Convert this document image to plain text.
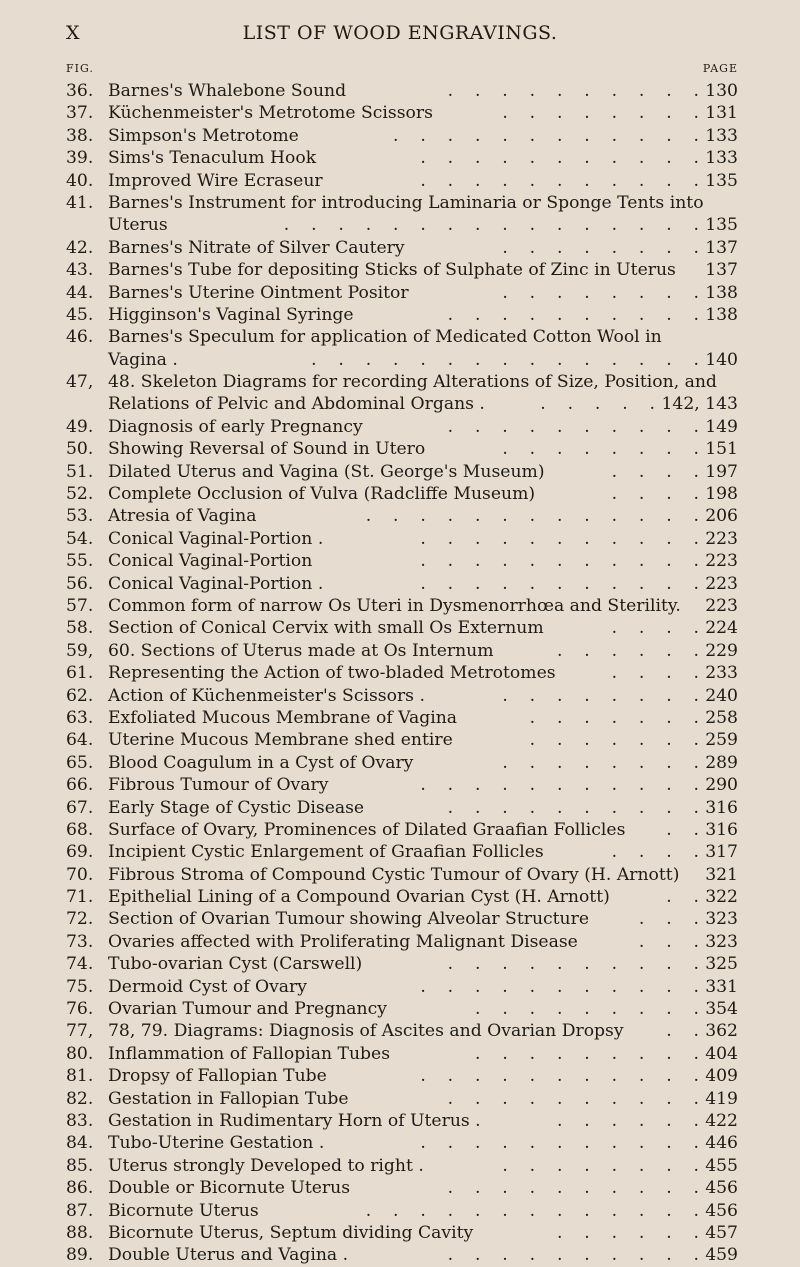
X	LIST OF WOOD ENGRAVINGS.
FIG.	PAGE
36. Barnes's Whalebone Sound	130
.    .    .    .    .    .    .    .    .    .
37. Küchenmeister's Metrotome Scissors	131
.    .    .    .    .    .    .    .
38. Simpson's Metrotome	133
.    .    .    .    .    .    .    .    .    .    .    .
39. Sims's Tenaculum Hook	133
.    .    .    .    .    .    .    .    .    .    .
40. Improved Wire Ecraseur	135
.    .    .    .    .    .    .    .    .    .    .
41. Barnes's Instrument for introducing Laminaria or Sponge Tents into
Uterus	135
.    .    .    .    .    .    .    .    .    .    .    .    .    .    .    .
42. Barnes's Nitrate of Silver Cautery	137
.    .    .    .    .    .    .    .
43. Barnes's Tube for depositing Sticks of Sulphate of Zinc in Uterus 137
44. Barnes's Uterine Ointment Positor	138
.    .    .    .    .    .    .    .
45. Higginson's Vaginal Syringe	138
.    .    .    .    .    .    .    .    .    .
46. Barnes's Speculum for application of Medicated Cotton Wool in
Vagina .	140
.    .    .    .    .    .    .    .    .    .    .    .    .    .    .
47, 48. Skeleton Diagrams for recording Alterations of Size, Position, and
Relations of Pelvic and Abdominal Organs .	142, 143
.    .    .    .    .
49. Diagnosis of early Pregnancy	149
.    .    .    .    .    .    .    .    .    .
50. Showing Reversal of Sound in Utero	151
.    .    .    .    .    .    .    .
51. Dilated Uterus and Vagina (St. George's Museum)	197
.    .    .    .
52. Complete Occlusion of Vulva (Radcliffe Museum)	198
.    .    .    .
53. Atresia of Vagina	206
.    .    .    .    .    .    .    .    .    .    .    .    .
54. Conical Vaginal-Portion .	223
.    .    .    .    .    .    .    .    .    .    .
55. Conical Vaginal-Portion	223
.    .    .    .    .    .    .    .    .    .    .
56. Conical Vaginal-Portion .	223
.    .    .    .    .    .    .    .    .    .    .
57. Common form of narrow Os Uteri in Dysmenorrhœa and Sterility. 223
58. Section of Conical Cervix with small Os Externum	224
.    .    .    .
59, 60. Sections of Uterus made at Os Internum	229
.    .    .    .    .    .
61. Representing the Action of two-bladed Metrotomes	233
.    .    .    .
62. Action of Küchenmeister's Scissors .	240
.    .    .    .    .    .    .    .
63. Exfoliated Mucous Membrane of Vagina	258
.    .    .    .    .    .    .
64. Uterine Mucous Membrane shed entire	259
.    .    .    .    .    .    .
65. Blood Coagulum in a Cyst of Ovary	289
.    .    .    .    .    .    .    .
66. Fibrous Tumour of Ovary	290
.    .    .    .    .    .    .    .    .    .    .
67. Early Stage of Cystic Disease	316
.    .    .    .    .    .    .    .    .    .
68. Surface of Ovary, Prominences of Dilated Graafian Follicles	316
.    .
69. Incipient Cystic Enlargement of Graafian Follicles	317
.    .    .    .
70. Fibrous Stroma of Compound Cystic Tumour of Ovary (H. Arnott) 321
71. Epithelial Lining of a Compound Ovarian Cyst (H. Arnott)	322
.    .
72. Section of Ovarian Tumour showing Alveolar Structure	323
.    .    .
73. Ovaries affected with Proliferating Malignant Disease	323
.    .    .
74. Tubo-ovarian Cyst (Carswell)	325
.    .    .    .    .    .    .    .    .    .
75. Dermoid Cyst of Ovary	331
.    .    .    .    .    .    .    .    .    .    .
76. Ovarian Tumour and Pregnancy	354
.    .    .    .    .    .    .    .    .
77, 78, 79. Diagrams: Diagnosis of Ascites and Ovarian Dropsy	362
.    .
80. Inflammation of Fallopian Tubes	404
.    .    .    .    .    .    .    .    .
81. Dropsy of Fallopian Tube	409
.    .    .    .    .    .    .    .    .    .    .
82. Gestation in Fallopian Tube	419
.    .    .    .    .    .    .    .    .    .
83. Gestation in Rudimentary Horn of Uterus .	422
.    .    .    .    .    .
84. Tubo-Uterine Gestation .	446
.    .    .    .    .    .    .    .    .    .    .
85. Uterus strongly Developed to right .	455
.    .    .    .    .    .    .    .
86. Double or Bicornute Uterus	456
.    .    .    .    .    .    .    .    .    .
87. Bicornute Uterus	456
.    .    .    .    .    .    .    .    .    .    .    .    .
88. Bicornute Uterus, Septum dividing Cavity	457
.    .    .    .    .    .
89. Double Uterus and Vagina .	459
.    .    .    .    .    .    .    .    .    .
